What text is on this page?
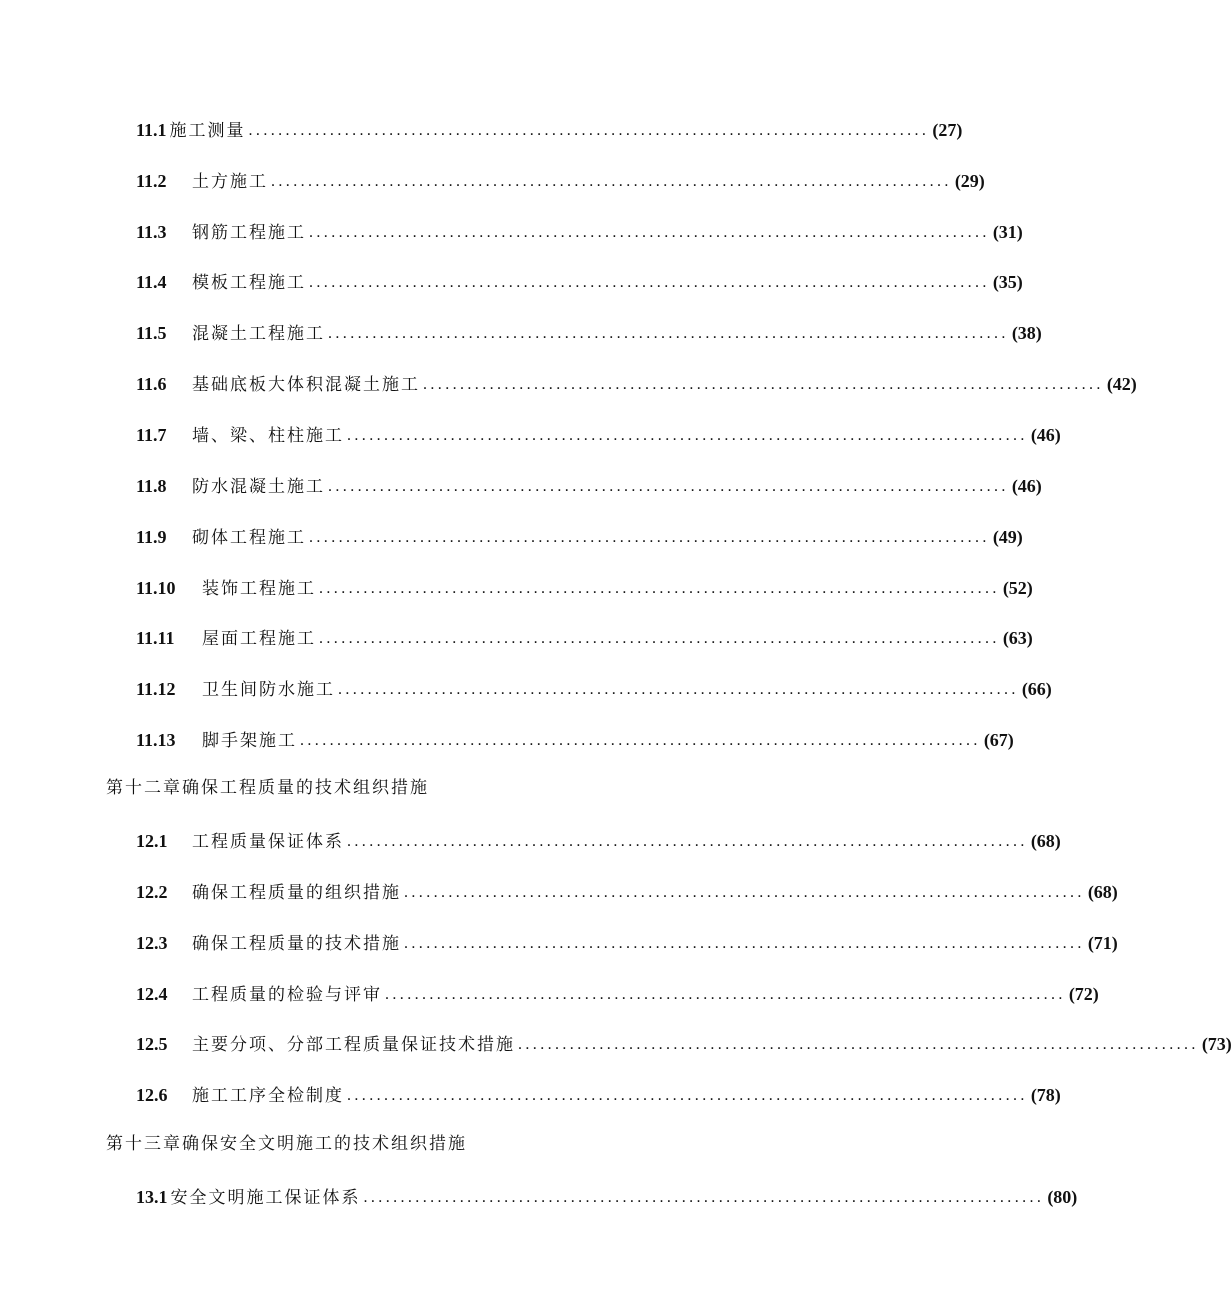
11.1 施工测量 ............................................................................................ (27)
11.2	土方施工 ............................................................................................ (29)
11.3	钢筋工程施工 ............................................................................................ (31)
11.4	模板工程施工 ............................................................................................ (35)
11.5	混凝土工程施工 ............................................................................................ (38)
11.6	基础底板大体积混凝土施工 ............................................................................................ (42)
11.7	墙、梁、柱柱施工 ............................................................................................ (46)
11.8	防水混凝土施工 ............................................................................................ (46)
11.9	砌体工程施工 ............................................................................................ (49)
11.10	装饰工程施工 ............................................................................................ (52)
11.11	屋面工程施工 ............................................................................................ (63)
11.12	卫生间防水施工 ............................................................................................ (66)
11.13	脚手架施工 ............................................................................................ (67)
第十二章确保工程质量的技术组织措施
12.1	工程质量保证体系 ............................................................................................ (68)
12.2	确保工程质量的组织措施 ............................................................................................ (68)
12.3	确保工程质量的技术措施 ............................................................................................ (71)
12.4	工程质量的检验与评审 ............................................................................................ (72)
12.5	主要分项、分部工程质量保证技术措施 ............................................................................................ (73)
12.6	施工工序全检制度 ............................................................................................ (78)
第十三章确保安全文明施工的技术组织措施
13.1 安全文明施工保证体系 ............................................................................................ (80)
